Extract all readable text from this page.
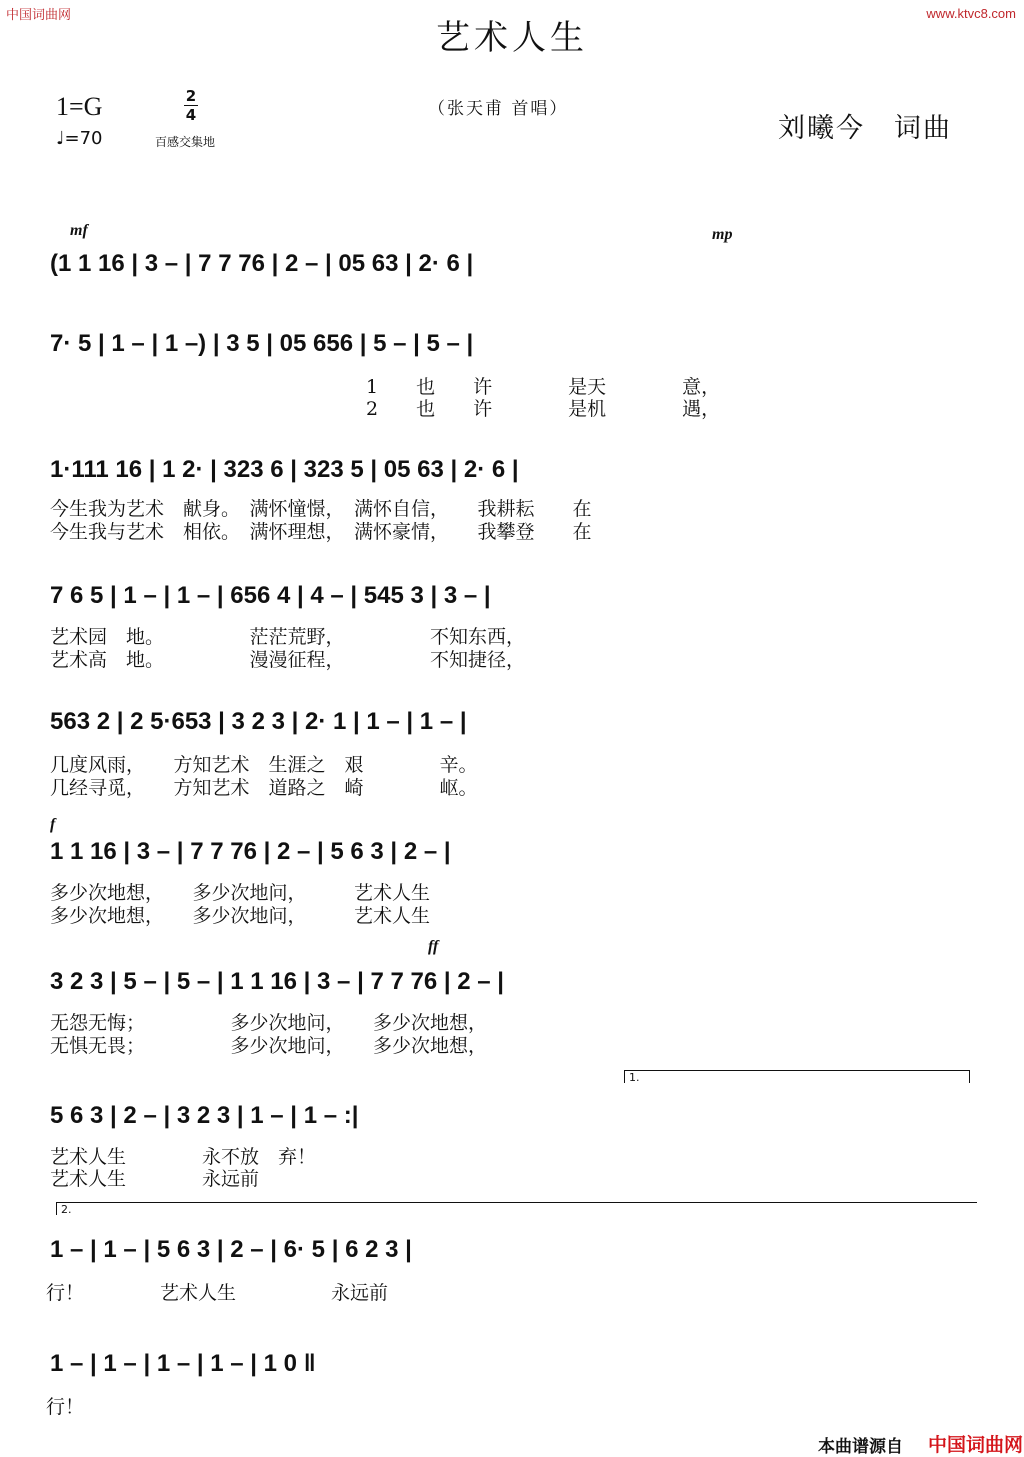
中国词曲网	www.ktvc8.com
艺术人生
1=G
♩=70
2
4
百感交集地
（张天甫 首唱）
刘曦今　词曲
mf	mp
f
ff
1.
2.
(1 1 16 | 3 – | 7 7 76 | 2 – | 05 63 | 2· 6 |
7· 5 | 1 – | 1 –) | 3 5 | 05 656 | 5 – | 5 – |
1　　也　　许　　　　是天　　　　意，
2　　也　　许　　　　是机　　　　遇，
1·111 16 | 1 2· | 323 6 | 323 5 | 05 63 | 2· 6 |
今生我为艺术　献身。　满怀憧憬，　满怀自信，　　我耕耘　　在
今生我与艺术　相依。　满怀理想，　满怀豪情，　　我攀登　　在
7 6 5 | 1 – | 1 – | 656 4 | 4 – | 545 3 | 3 – |
艺术园　地。　　　　　茫茫荒野，　　　　　不知东西，
艺术高　地。　　　　　漫漫征程，　　　　　不知捷径，
563 2 | 2 5·653 | 3 2 3 | 2· 1 | 1 – | 1 – |
几度风雨，　　方知艺术　生涯之　艰　　　　辛。
几经寻觅，　　方知艺术　道路之　崎　　　　岖。
1 1 16 | 3 – | 7 7 76 | 2 – | 5 6 3 | 2 – |
多少次地想，　　多少次地问，　　　艺术人生
多少次地想，　　多少次地问，　　　艺术人生
3 2 3 | 5 – | 5 – | 1 1 16 | 3 – | 7 7 76 | 2 – |
无怨无悔；　　　　　多少次地问，　　多少次地想，
无惧无畏；　　　　　多少次地问，　　多少次地想，
5 6 3 | 2 – | 3 2 3 | 1 – | 1 – :|
艺术人生　　　　永不放　弃！
艺术人生　　　　永远前
1 – | 1 – | 5 6 3 | 2 – | 6· 5 | 6 2 3 |
行！　　　　艺术人生　　　　　永远前
1 – | 1 – | 1 – | 1 – | 1 0 ‖
行！
本曲谱源自 中国词曲网
